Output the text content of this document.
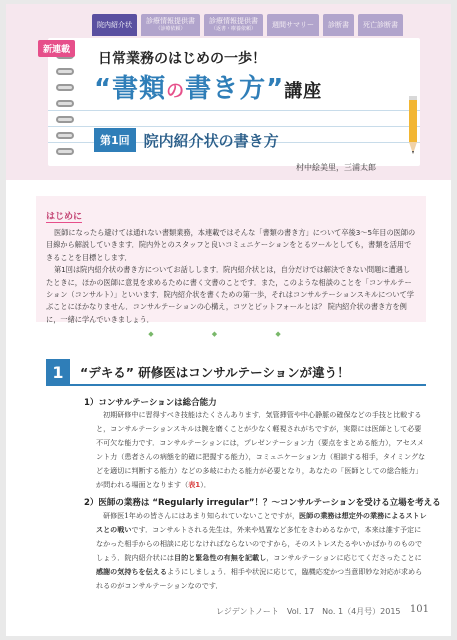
院内紹介状 診療情報提供書
（診療依頼）
診療情報提供書
（返書・療養依頼）
週間サマリー 診断書 死亡診断書
新連載
日常業務のはじめの一歩！
“書類の書き方”講座
第1回 院内紹介状の書き方
村中絵美里，三浦太郎
はじめに

医師になったら避けては通れない書類業務，本連載ではそんな「書類の書き方」について卒後3〜5年目の医師の目線から解説していきます．院内外とのスタッフと良いコミュニケーションをとるツールとしても，書類を活用できることを目標とします．

第1回は院内紹介状の書き方についてお話しします．院内紹介状とは，自分だけでは解決できない問題に遭遇したときに，ほかの医師に意見を求めるために書く文書のことです．また，このような相談のことを「コンサルテーション（コンサルト）」といいます．院内紹介状を書くための第一歩，それはコンサルテーションスキルについて学ぶことにほかなりません．コンサルテーションの心構え，コツとピットフォールとは？ 院内紹介状の書き方を例に，一緒に学んでいきましょう．

◆ ◆ ◆
1	“デキる” 研修医はコンサルテーションが違う！
1）コンサルテーションは総合能力
初期研修中に習得すべき技能はたくさんあります．気管挿管や中心静脈の確保などの手技と比較すると，コンサルテーションスキルは腕を磨くことが少なく軽視されがちですが，実際には医師として必要不可欠な能力です．コンサルテーションには，プレゼンテーション力（要点をまとめる能力），アセスメント力（患者さんの病態を的確に把握する能力），コミュニケーション力（相談する相手，タイミングなどを適切に判断する能力）などの多岐にわたる能力が必要となり，あなたの「医師としての総合能力」が問われる場面となります（表1）．
2）医師の業務は “Regularly irregular”！？〜コンサルテーションを受ける立場を考える
研修医1年めの皆さんにはあまり知られていないことですが，医師の業務は想定外の業務によるストレスとの戦いです．コンサルトされる先生は，外来や処置など多忙をきわめるなかで，本来は誰す予定になかった相手からの相談に応じなければならないのですから，そのストレスたるやいかばかりのものでしょう．院内紹介状には目的と緊急性の有無を記載し，コンサルテーションに応じてくださったことに感謝の気持ちを伝えるようにしましょう．相手や状況に応じて，臨機応変かつ当意即妙な対応が求められるのがコンサルテーションなのです．
レジデントノート　Vol. 17　No. 1（4月号）2015 101
